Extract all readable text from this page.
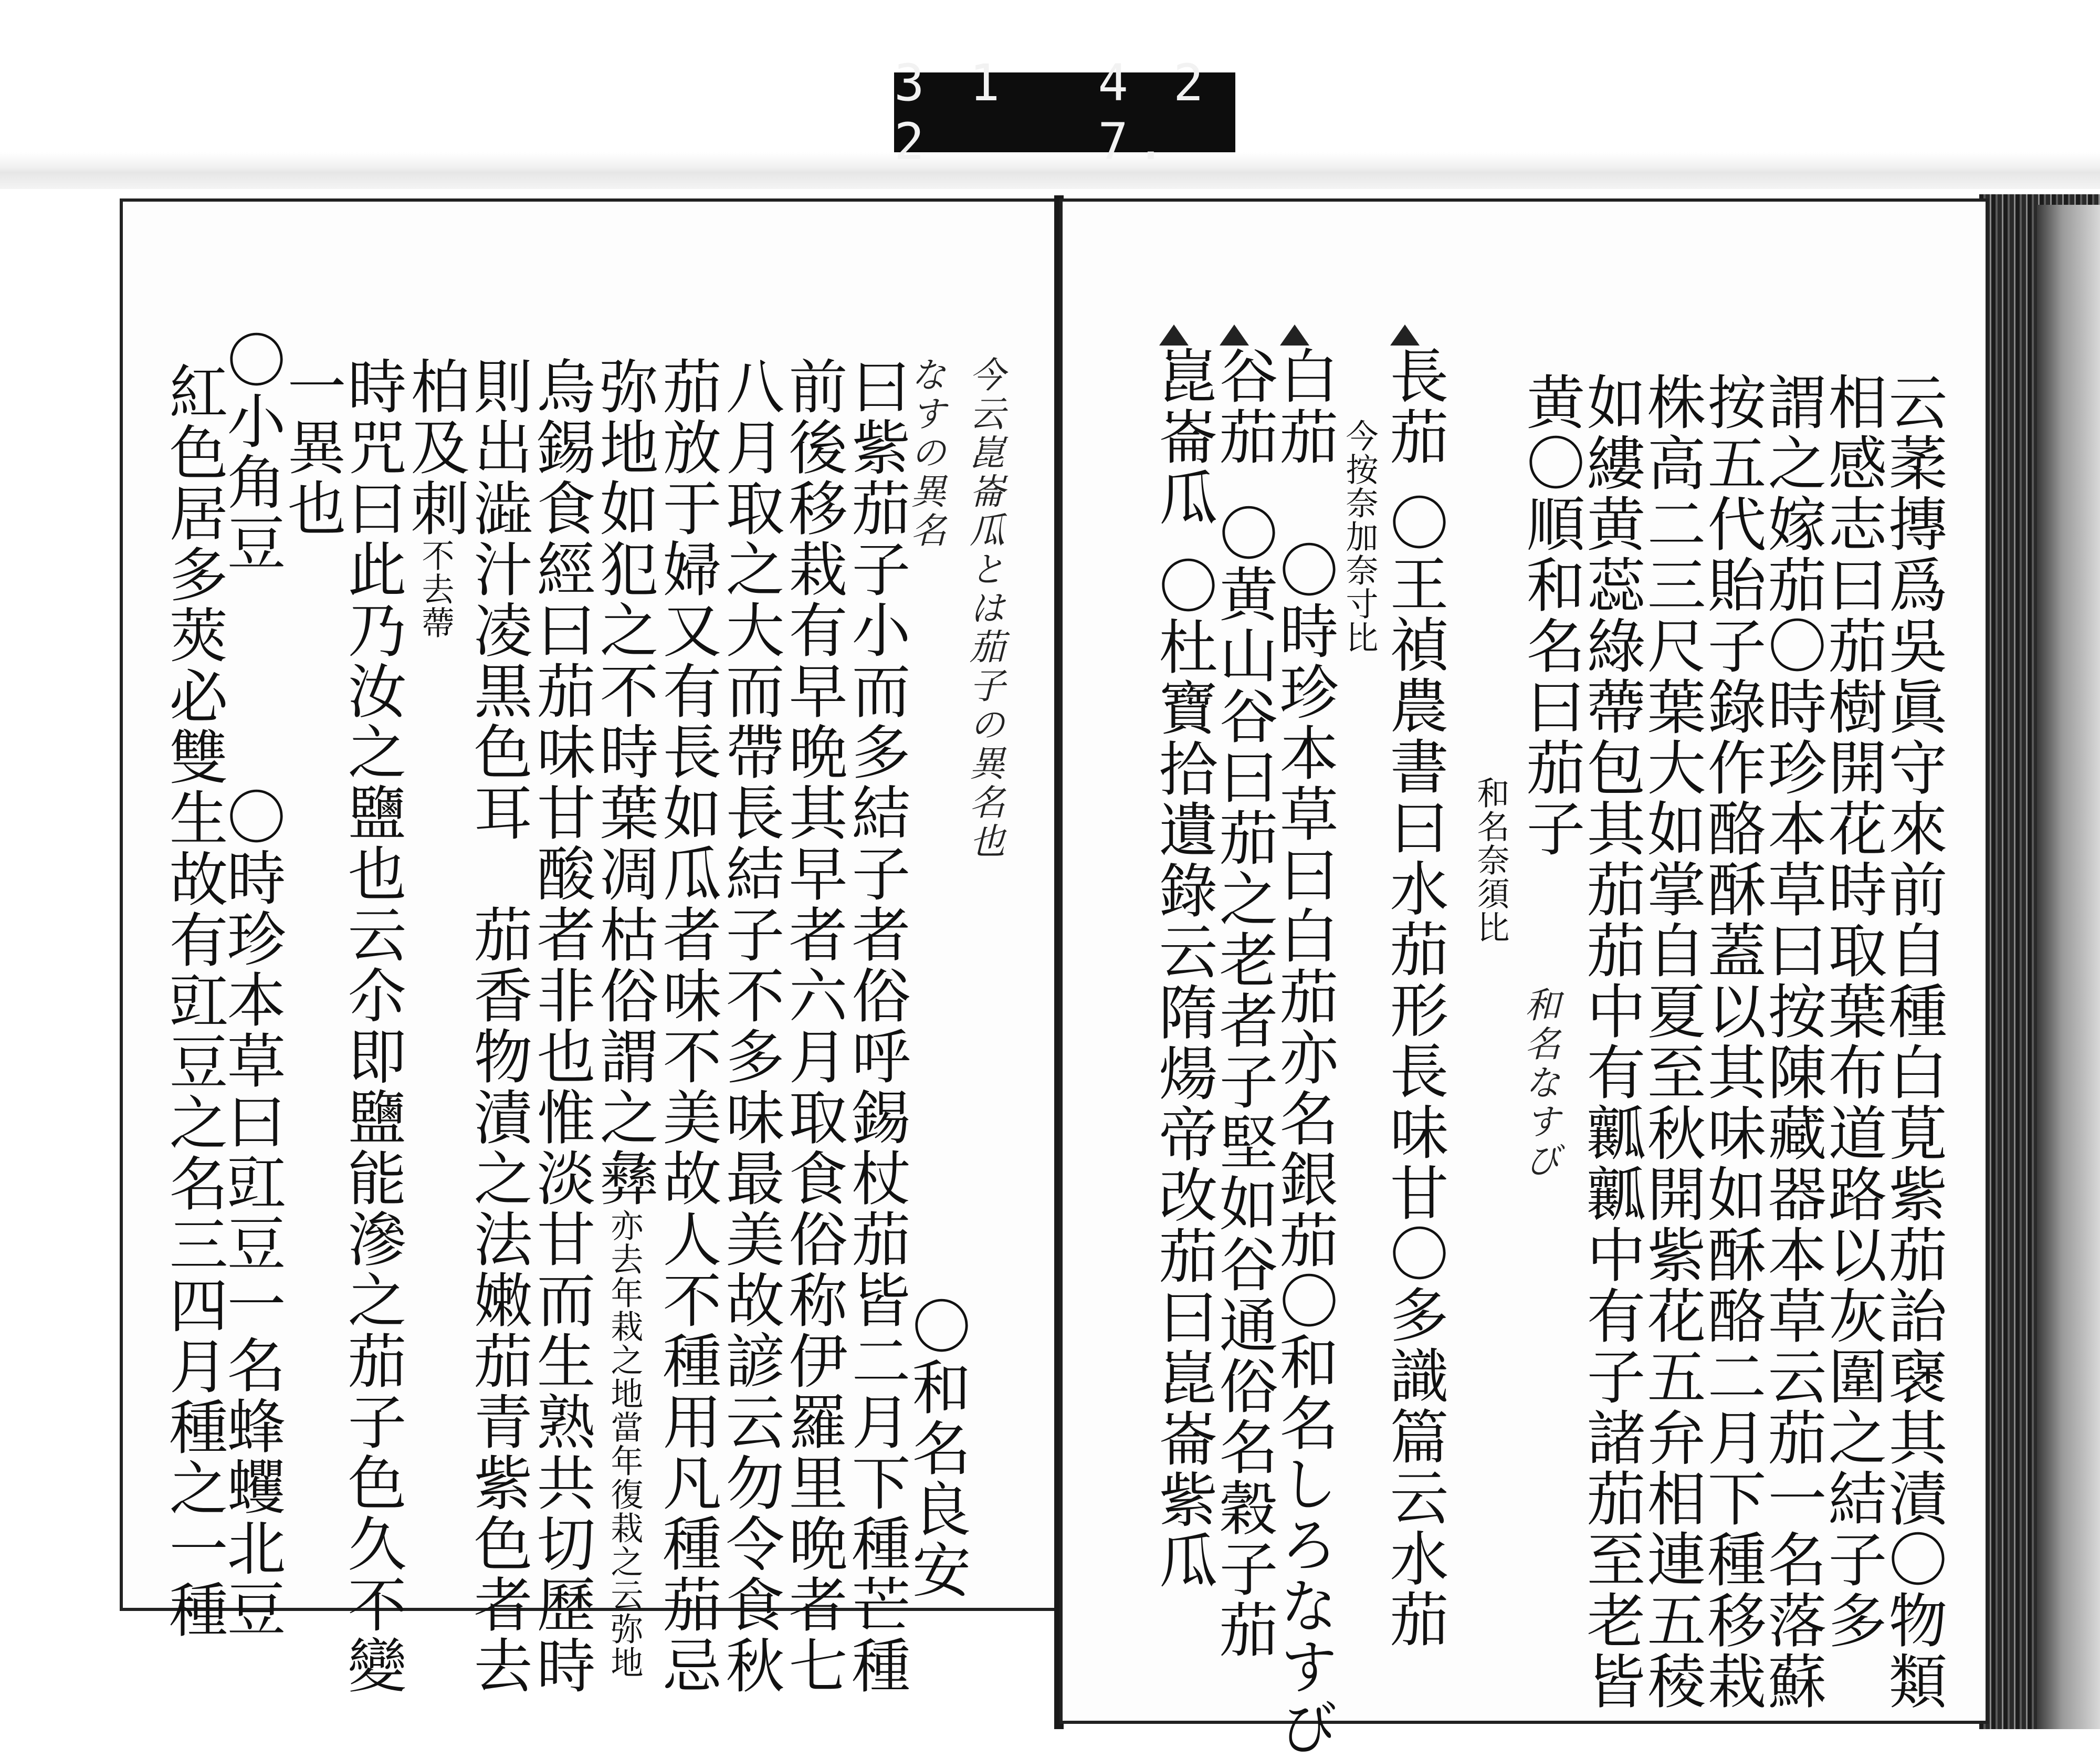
3 1 2
4 2 7.
今云崑崙瓜とは茄子の異名也
なすの異名
曰紫茄子小而多結子者俗呼錫杖茄皆二月下種芒種
前後移栽有早晩其早者六月取食俗称伊羅里晩者七
八月取之大而帶長結子不多味最美故諺云勿令食秋
茄放于婦又有長如瓜者味不美故人不種用凡種茄忌
弥地如犯之不時葉凋枯俗謂之彝亦去年栽之地當年復栽之云弥地
烏錫食經曰茄味甘酸者非也惟淡甘而生熟共切歷時
則出澁汁凌黒色耳　茄香物漬之法嫩茄青紫色者去
柏及刺不去蔕
時咒曰此乃汝之鹽也云尒即鹽能滲之茄子色久不變
一異也
〇小角豆
紅色居多莢必雙生故有豇豆之名三四月種之一種
〇時珍本草曰豇豆一名蜂蠼北豆	〇和名良安	云葇摶爲吳眞守來前自種白莧紫茄詒襃其漬〇物類
相感志曰茄樹開花時取葉布道路以灰圍之結子多
謂之嫁茄〇時珍本草曰按陳藏器本草云茄一名落蘇
按五代貽子錄作酪酥蓋以其味如酥酪二月下種移栽
株高二三尺葉大如掌自夏至秋開紫花五弁相連五稜
如縷黄蕊綠蔕包其茄茄中有瓤瓤中有子諸茄至老皆
黄〇順和名曰茄子
和名奈須比
和名なすび
長茄
今按奈加奈寸比 〇王禎農書曰水茄形長味甘〇多識篇云水茄
白茄
〇時珍本草曰白茄亦名銀茄〇和名しろなすび
谷茄
〇黄山谷曰茄之老者子堅如谷通俗名穀子茄
崑崙瓜
〇杜寶拾遺錄云隋煬帝改茄曰崑崙紫瓜
